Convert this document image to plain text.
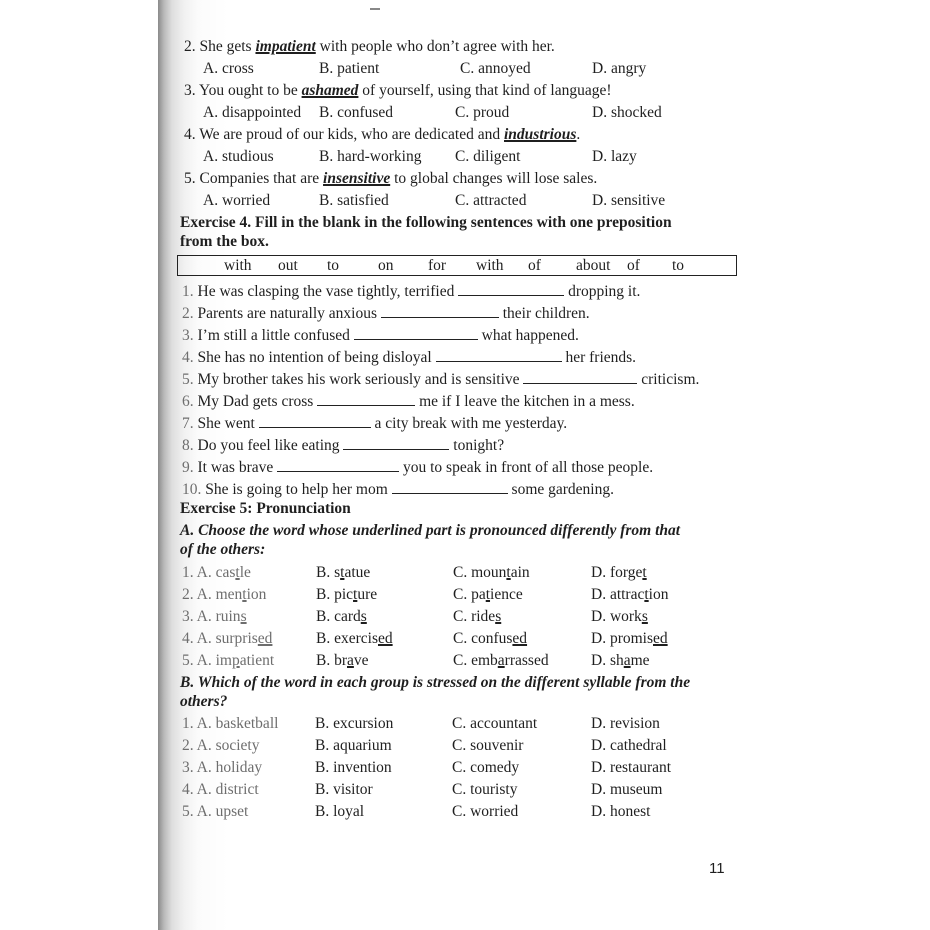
2. She gets impatient with people who don’t agree with her.
A. cross	B. patient	C. annoyed	D. angry
3. You ought to be ashamed of yourself, using that kind of language!
A. disappointed B. confused	C. proud	D. shocked
4. We are proud of our kids, who are dedicated and industrious.
A. studious	B. hard-working C. diligent	D. lazy
5. Companies that are insensitive to global changes will lose sales.
A. worried	B. satisfied	C. attracted	D. sensitive
Exercise 4. Fill in the blank in the following sentences with one preposition
from the box.
with out to	on for with of about of to
1. He was clasping the vase tightly, terrified	dropping it.
2. Parents are naturally anxious	their children.
3. I’m still a little confused	what happened.
4. She has no intention of being disloyal	her friends.
5. My brother takes his work seriously and is sensitive	criticism.
6. My Dad gets cross	me if I leave the kitchen in a mess.
7. She went	a city break with me yesterday.
8. Do you feel like eating	tonight?
9. It was brave	you to speak in front of all those people.
10. She is going to help her mom	some gardening.
Exercise 5: Pronunciation
A. Choose the word whose underlined part is pronounced differently from that
of the others:
1. A. castle	B. statue	C. mountain	D. forget
2. A. mention	B. picture	C. patience	D. attraction
3. A. ruins	B. cards	C. rides	D. works
4. A. surprised	B. exercised	C. confused	D. promised
5. A. impatient	B. brave	C. embarrassed	D. shame
B. Which of the word in each group is stressed on the different syllable from the
others?
1. A. basketball B. excursion	C. accountant	D. revision
2. A. society	B. aquarium	C. souvenir	D. cathedral
3. A. holiday	B. invention	C. comedy	D. restaurant
4. A. district	B. visitor	C. touristy	D. museum
5. A. upset	B. loyal	C. worried	D. honest
11
